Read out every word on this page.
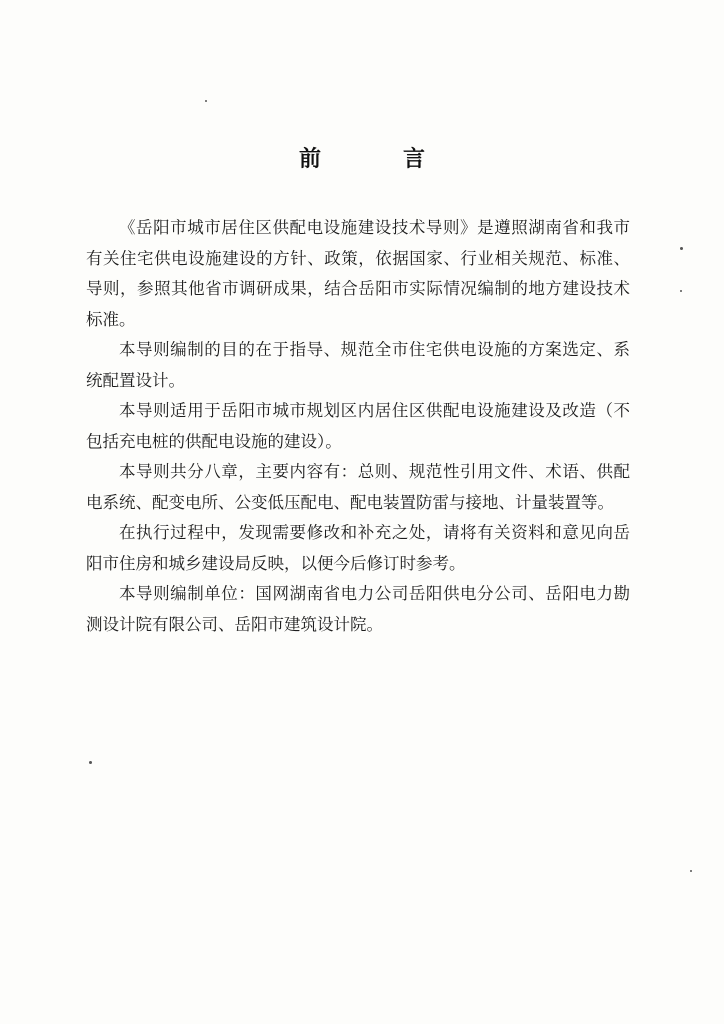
前　言

《岳阳市城市居住区供配电设施建设技术导则》是遵照湖南省和我市有关住宅供电设施建设的方针、政策，依据国家、行业相关规范、标准、导则，参照其他省市调研成果，结合岳阳市实际情况编制的地方建设技术标准。

本导则编制的目的在于指导、规范全市住宅供电设施的方案选定、系统配置设计。

本导则适用于岳阳市城市规划区内居住区供配电设施建设及改造（不包括充电桩的供配电设施的建设）。

本导则共分八章，主要内容有：总则、规范性引用文件、术语、供配电系统、配变电所、公变低压配电、配电装置防雷与接地、计量装置等。

在执行过程中，发现需要修改和补充之处，请将有关资料和意见向岳阳市住房和城乡建设局反映，以便今后修订时参考。

本导则编制单位：国网湖南省电力公司岳阳供电分公司、岳阳电力勘测设计院有限公司、岳阳市建筑设计院。
